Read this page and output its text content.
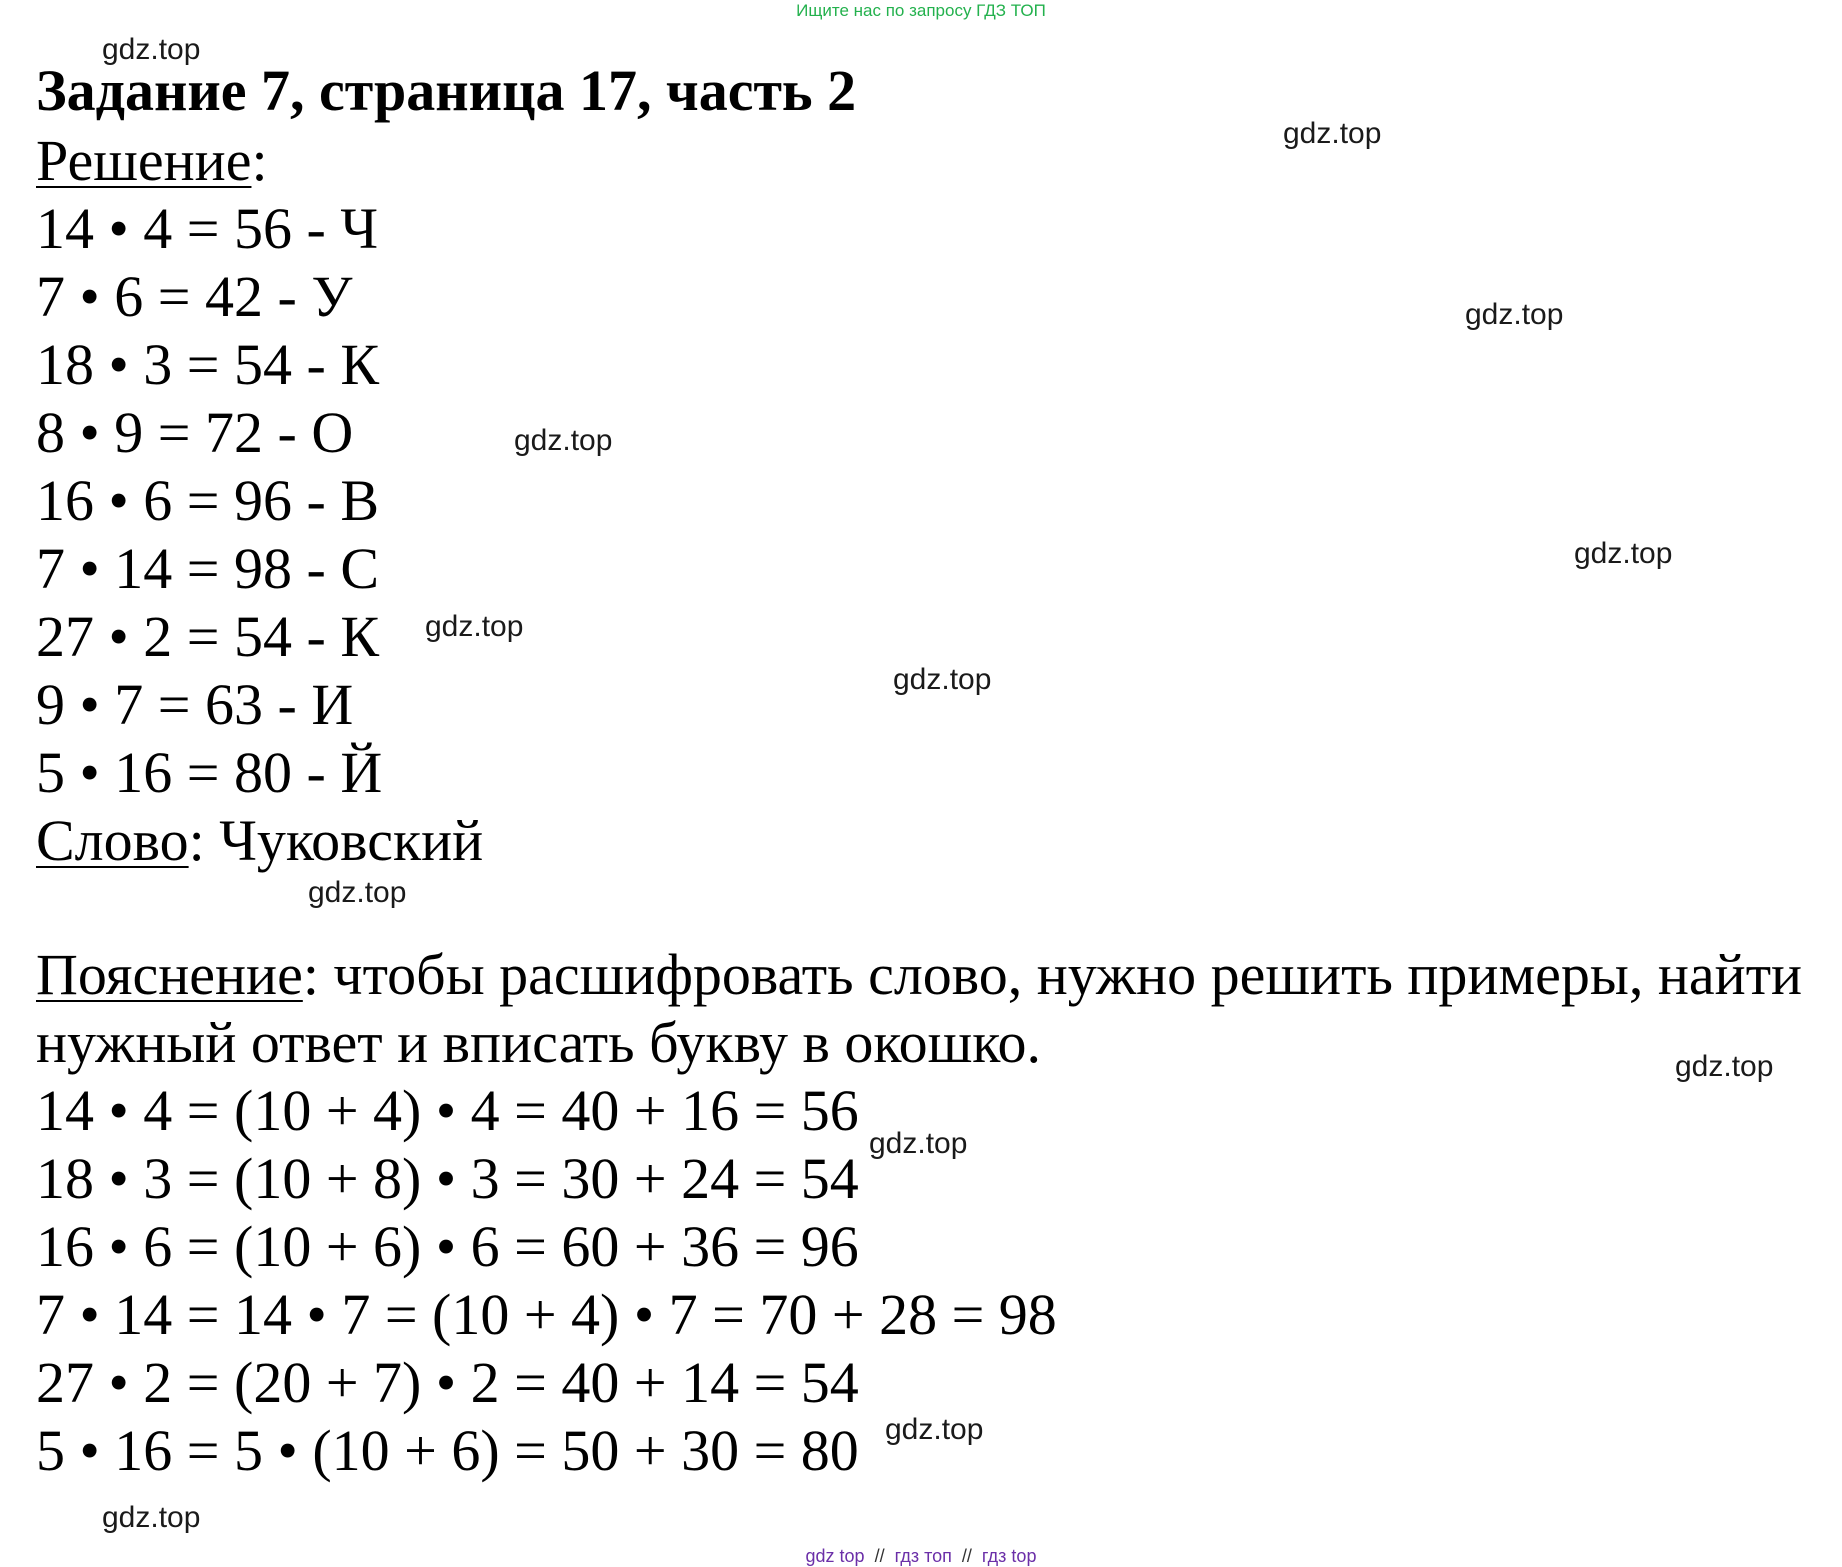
Ищите нас по запросу ГДЗ ТОП
Задание 7, страница 17, часть 2
Решение:
14 • 4 = 56 - Ч
7 • 6 = 42 - У
18 • 3 = 54 - К
8 • 9 = 72 - О
16 • 6 = 96 - В
7 • 14 = 98 - С
27 • 2 = 54 - К
9 • 7 = 63 - И
5 • 16 = 80 - Й
Слово: Чуковский
Пояснение: чтобы расшифровать слово, нужно решить примеры, найти
нужный ответ и вписать букву в окошко.
14 • 4 = (10 + 4) • 4 = 40 + 16 = 56
18 • 3 = (10 + 8) • 3 = 30 + 24 = 54
16 • 6 = (10 + 6) • 6 = 60 + 36 = 96
7 • 14 = 14 • 7 = (10 + 4) • 7 = 70 + 28 = 98
27 • 2 = (20 + 7) • 2 = 40 + 14 = 54
5 • 16 = 5 • (10 + 6) = 50 + 30 = 80
gdz.top
gdz.top
gdz.top
gdz.top
gdz.top
gdz.top
gdz.top
gdz.top
gdz.top
gdz.top
gdz.top
gdz.top
gdz top // гдз топ // гдз top
